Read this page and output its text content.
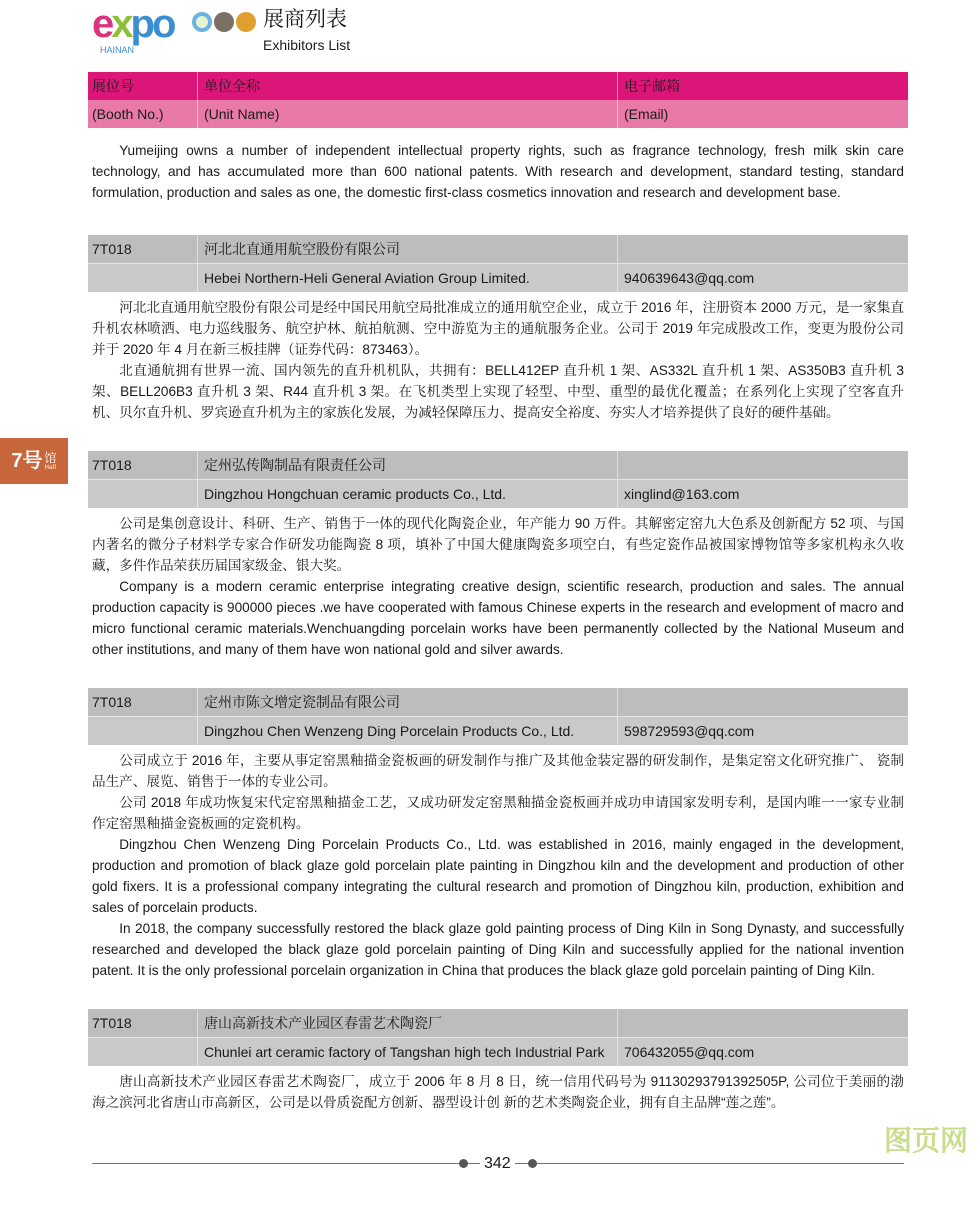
expo
HAINAN
展商列表
Exhibitors List
7号 馆
Hall
展位号	单位全称	电子邮箱
(Booth No.)	(Unit Name)	(Email)

Yumeijing owns a number of independent intellectual property rights, such as fragrance technology, fresh milk skin care technology, and has accumulated more than 600 national patents. With research and development, standard testing, standard formulation, production and sales as one, the domestic first-class cosmetics innovation and research and development base.

7T018	河北北直通用航空股份有限公司
Hebei Northern-Heli General Aviation Group Limited.	940639643@qq.com

河北北直通用航空股份有限公司是经中国民用航空局批准成立的通用航空企业，成立于 2016 年，注册资本 2000 万元，是一家集直升机农林喷洒、电力巡线服务、航空护林、航拍航测、空中游览为主的通航服务企业。公司于 2019 年完成股改工作，变更为股份公司并于 2020 年 4 月在新三板挂牌（证券代码：873463）。

北直通航拥有世界一流、国内领先的直升机机队，共拥有：BELL412EP 直升机 1 架、AS332L 直升机 1 架、AS350B3 直升机 3 架、BELL206B3 直升机 3 架、R44 直升机 3 架。在飞机类型上实现了轻型、中型、重型的最优化覆盖；在系列化上实现了空客直升机、贝尔直升机、罗宾逊直升机为主的家族化发展，为减轻保障压力、提高安全裕度、夯实人才培养提供了良好的硬件基础。

7T018	定州弘传陶制品有限责任公司
Dingzhou Hongchuan ceramic products Co., Ltd.	xinglind@163.com

公司是集创意设计、科研、生产、销售于一体的现代化陶瓷企业，年产能力 90 万件。其解密定窑九大色系及创新配方 52 项、与国内著名的微分子材料学专家合作研发功能陶瓷 8 项，填补了中国大健康陶瓷多项空白，有些定瓷作品被国家博物馆等多家机构永久收藏，多件作品荣获历届国家级金、银大奖。

Company is a modern ceramic enterprise integrating creative design, scientific research, production and sales. The annual production capacity is 900000 pieces .we have cooperated with famous Chinese experts in the research and evelopment of macro and micro functional ceramic materials.Wenchuangding porcelain works have been permanently collected by the National Museum and other institutions, and many of them have won national gold and silver awards.

7T018	定州市陈文增定瓷制品有限公司
Dingzhou Chen Wenzeng Ding Porcelain Products Co., Ltd.	598729593@qq.com

公司成立于 2016 年，主要从事定窑黑釉描金瓷板画的研发制作与推广及其他金装定器的研发制作，是集定窑文化研究推广、 瓷制品生产、展览、销售于一体的专业公司。

公司 2018 年成功恢复宋代定窑黑釉描金工艺，又成功研发定窑黑釉描金瓷板画并成功申请国家发明专利，是国内唯一一家专业制作定窑黑釉描金瓷板画的定瓷机构。

Dingzhou Chen Wenzeng Ding Porcelain Products Co., Ltd. was established in 2016, mainly engaged in the development, production and promotion of black glaze gold porcelain plate painting in Dingzhou kiln and the development and production of other gold fixers. It is a professional company integrating the cultural research and promotion of Dingzhou kiln, production, exhibition and sales of porcelain products.

In 2018, the company successfully restored the black glaze gold painting process of Ding Kiln in Song Dynasty, and successfully researched and developed the black glaze gold porcelain painting of Ding Kiln and successfully applied for the national invention patent. It is the only professional porcelain organization in China that produces the black glaze gold porcelain painting of Ding Kiln.

7T018	唐山高新技术产业园区春雷艺术陶瓷厂
Chunlei art ceramic factory of Tangshan high tech Industrial Park	706432055@qq.com

唐山高新技术产业园区春雷艺术陶瓷厂，成立于 2006 年 8 月 8 日，统一信用代码号为 91130293791392505P, 公司位于美丽的渤海之滨河北省唐山市高新区，公司是以骨质瓷配方创新、器型设计创 新的艺术类陶瓷企业，拥有自主品牌“莲之莲”。

342
图页网
